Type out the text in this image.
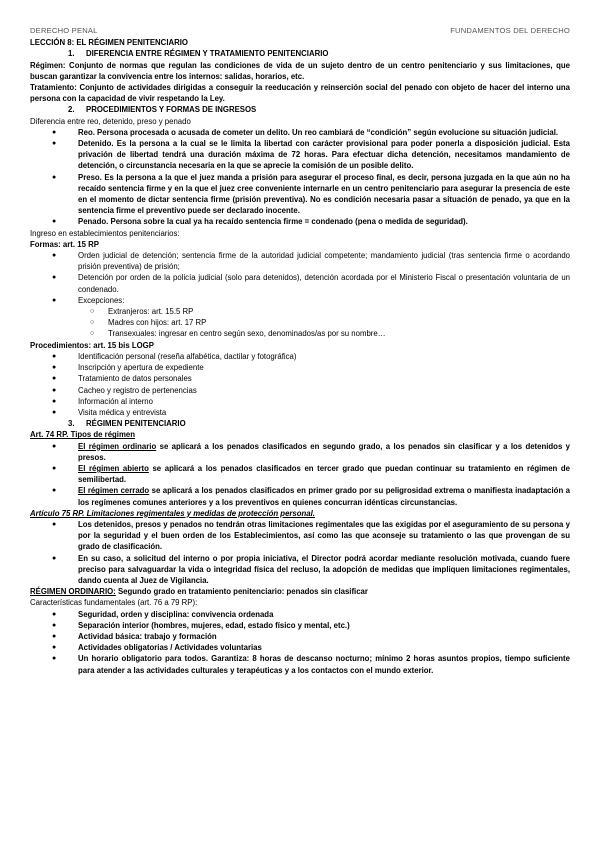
DERECHO PENAL	FUNDAMENTOS DEL DERECHO

LECCIÓN 8: EL RÉGIMEN PENITENCIARIO

1.	DIFERENCIA ENTRE RÉGIMEN Y TRATAMIENTO PENITENCIARIO

Régimen: Conjunto de normas que regulan las condiciones de vida de un sujeto dentro de un centro penitenciario y sus limitaciones, que buscan garantizar la convivencia entre los internos: salidas, horarios, etc.

Tratamiento: Conjunto de actividades dirigidas a conseguir la reeducación y reinserción social del penado con objeto de hacer del interno una persona con la capacidad de vivir respetando la Ley.

2.	PROCEDIMIENTOS Y FORMAS DE INGRESOS

Diferencia entre reo, detenido, preso y penado

● Reo. Persona procesada o acusada de cometer un delito. Un reo cambiará de “condición” según evolucione su situación judicial.
● Detenido. Es la persona a la cual se le limita la libertad con carácter provisional para poder ponerla a disposición judicial. Esta privación de libertad tendrá una duración máxima de 72 horas. Para efectuar dicha detención, necesitamos mandamiento de detención, o circunstancia necesaria en la que se aprecie la comisión de un posible delito.
● Preso. Es la persona a la que el juez manda a prisión para asegurar el proceso final, es decir, persona juzgada en la que aún no ha recaído sentencia firme y en la que el juez cree conveniente internarle en un centro penitenciario para asegurar la presencia de este en el momento de dictar sentencia firme (prisión preventiva). No es condición necesaria pasar a situación de penado, ya que en la sentencia firme el preventivo puede ser declarado inocente.
● Penado. Persona sobre la cual ya ha recaído sentencia firme = condenado (pena o medida de seguridad).

Ingreso en establecimientos penitenciarios:

Formas: art. 15 RP

● Orden judicial de detención; sentencia firme de la autoridad judicial competente; mandamiento judicial (tras sentencia firme o acordando prisión preventiva) de prisión;
● Detención por orden de la policía judicial (solo para detenidos), detención acordada por el Ministerio Fiscal o presentación voluntaria de un condenado.
● Excepciones:
○ Extranjeros: art. 15.5 RP
○ Madres con hijos: art. 17 RP
○ Transexuales: ingresar en centro según sexo, denominados/as por su nombre…

Procedimientos: art. 15 bis LOGP

● Identificación personal (reseña alfabética, dactilar y fotográfica)
● Inscripción y apertura de expediente
● Tratamiento de datos personales
● Cacheo y registro de pertenencias
● Información al interno
● Visita médica y entrevista
3.	RÉGIMEN PENITENCIARIO

Art. 74 RP. Tipos de régimen

● El régimen ordinario se aplicará a los penados clasificados en segundo grado, a los penados sin clasificar y a los detenidos y presos.
● El régimen abierto se aplicará a los penados clasificados en tercer grado que puedan continuar su tratamiento en régimen de semilibertad.
● El régimen cerrado se aplicará a los penados clasificados en primer grado por su peligrosidad extrema o manifiesta inadaptación a los regímenes comunes anteriores y a los preventivos en quienes concurran idénticas circunstancias.

Artículo 75 RP. Limitaciones regimentales y medidas de protección personal.

● Los detenidos, presos y penados no tendrán otras limitaciones regimentales que las exigidas por el aseguramiento de su persona y por la seguridad y el buen orden de los Establecimientos, así como las que aconseje su tratamiento o las que provengan de su grado de clasificación.
● En su caso, a solicitud del interno o por propia iniciativa, el Director podrá acordar mediante resolución motivada, cuando fuere preciso para salvaguardar la vida o integridad física del recluso, la adopción de medidas que impliquen limitaciones regimentales, dando cuenta al Juez de Vigilancia.

RÉGIMEN ORDINARIO: Segundo grado en tratamiento penitenciario: penados sin clasificar

Características fundamentales (art. 76 a 79 RP):

● Seguridad, orden y disciplina: convivencia ordenada
● Separación interior (hombres, mujeres, edad, estado físico y mental, etc.)
● Actividad básica: trabajo y formación
● Actividades obligatorias / Actividades voluntarias
● Un horario obligatorio para todos. Garantiza: 8 horas de descanso nocturno; mínimo 2 horas asuntos propios, tiempo suficiente para atender a las actividades culturales y terapéuticas y a los contactos con el mundo exterior.
